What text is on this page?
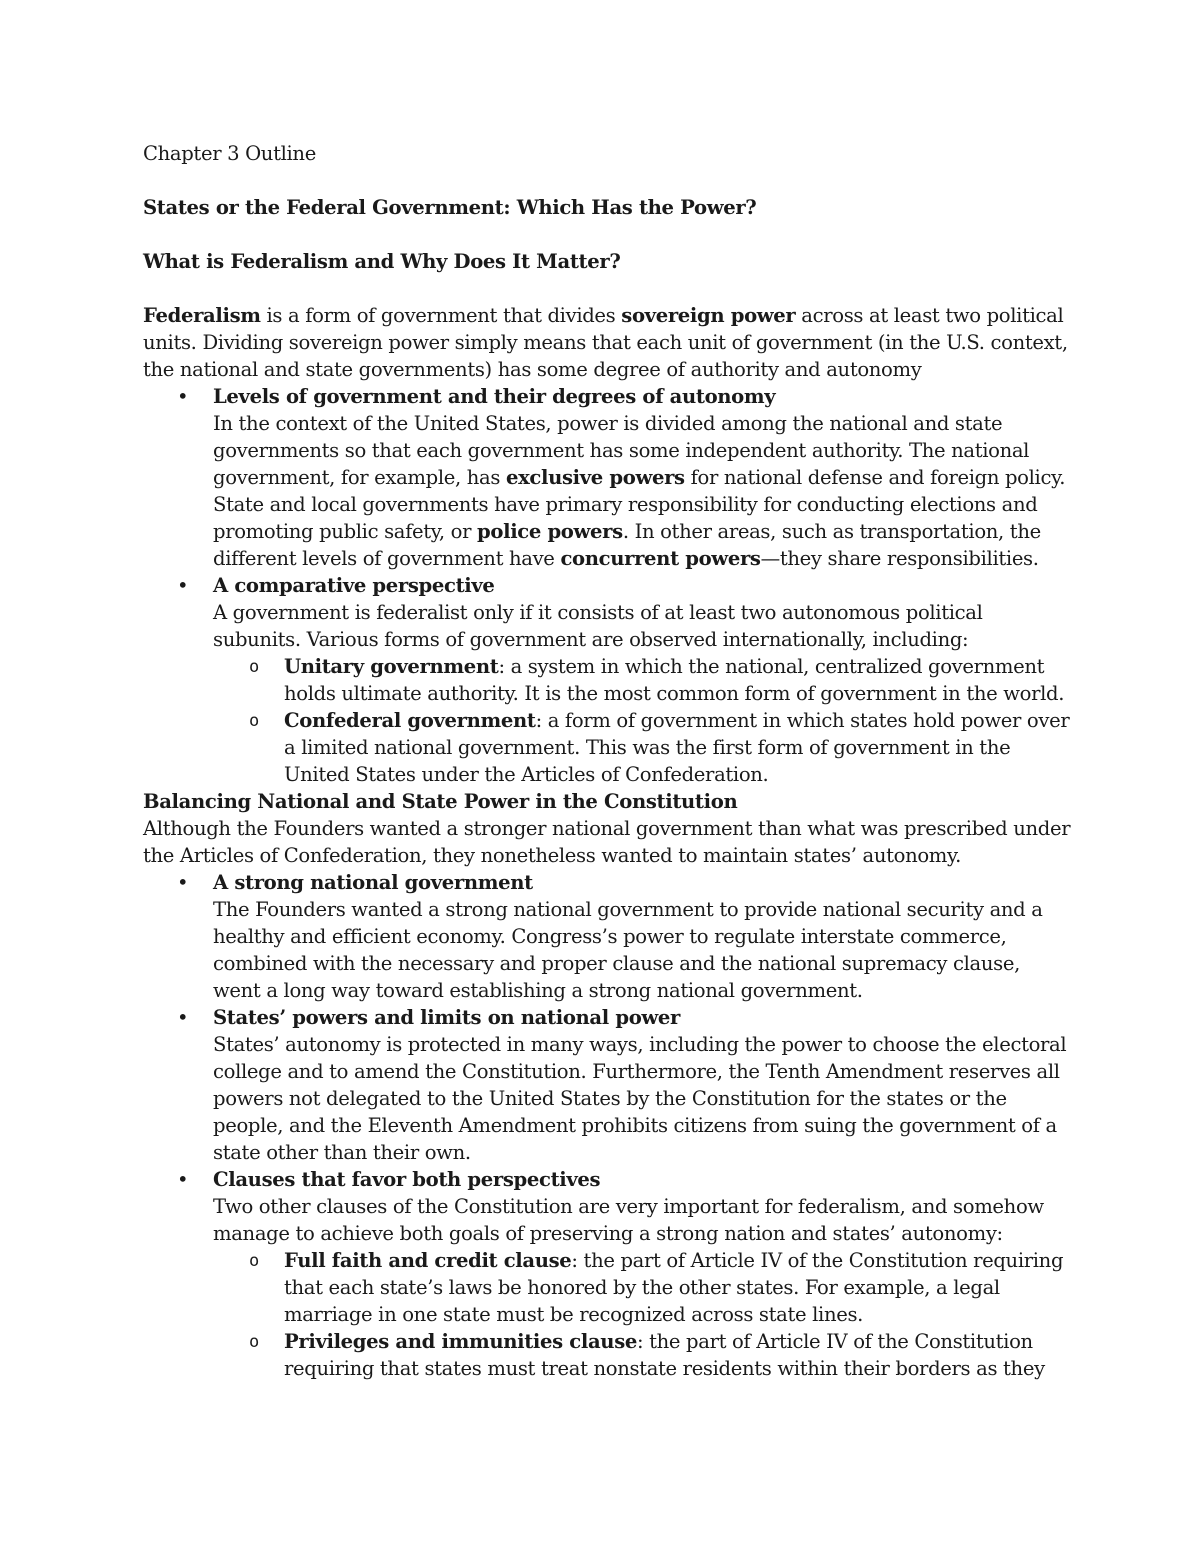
Chapter 3 Outline

States or the Federal Government: Which Has the Power?

What is Federalism and Why Does It Matter?

Federalism is a form of government that divides sovereign power across at least two political units. Dividing sovereign power simply means that each unit of government (in the U.S. context, the national and state governments) has some degree of authority and autonomy

• Levels of government and their degrees of autonomy
In the context of the United States, power is divided among the national and state governments so that each government has some independent authority. The national government, for example, has exclusive powers for national defense and foreign policy. State and local governments have primary responsibility for conducting elections and promoting public safety, or police powers. In other areas, such as transportation, the different levels of government have concurrent powers—they share responsibilities.
• A comparative perspective
A government is federalist only if it consists of at least two autonomous political subunits. Various forms of government are observed internationally, including:
o Unitary government: a system in which the national, centralized government holds ultimate authority. It is the most common form of government in the world.
o Confederal government: a form of government in which states hold power over a limited national government. This was the first form of government in the United States under the Articles of Confederation.

Balancing National and State Power in the Constitution

Although the Founders wanted a stronger national government than what was prescribed under the Articles of Confederation, they nonetheless wanted to maintain states’ autonomy.

• A strong national government
The Founders wanted a strong national government to provide national security and a healthy and efficient economy. Congress’s power to regulate interstate commerce, combined with the necessary and proper clause and the national supremacy clause, went a long way toward establishing a strong national government.
• States’ powers and limits on national power
States’ autonomy is protected in many ways, including the power to choose the electoral college and to amend the Constitution. Furthermore, the Tenth Amendment reserves all powers not delegated to the United States by the Constitution for the states or the people, and the Eleventh Amendment prohibits citizens from suing the government of a state other than their own.
• Clauses that favor both perspectives
Two other clauses of the Constitution are very important for federalism, and somehow manage to achieve both goals of preserving a strong nation and states’ autonomy:
o Full faith and credit clause: the part of Article IV of the Constitution requiring that each state’s laws be honored by the other states. For example, a legal marriage in one state must be recognized across state lines.
o Privileges and immunities clause: the part of Article IV of the Constitution requiring that states must treat nonstate residents within their borders as they
